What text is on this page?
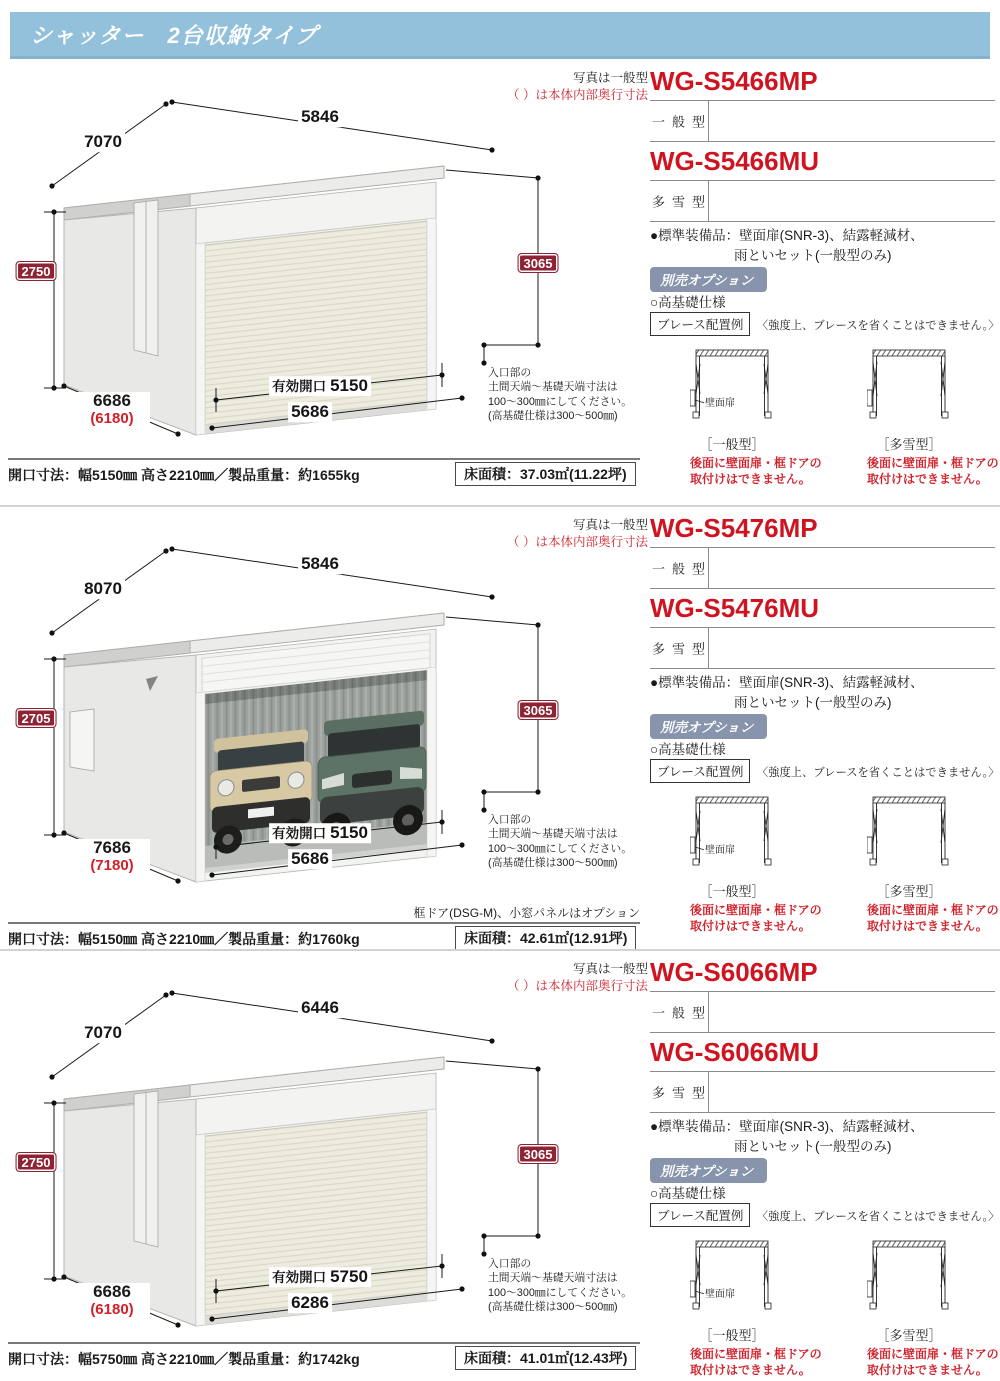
シャッター　2台収納タイプ
写真は一般型
（ ）は本体内部奥行寸法
5846
7070
2750
3065
有効開口 5150
5686
6686
(6180)
入口部の
土間天端～基礎天端寸法は
100～300㎜にしてください。
(高基礎仕様は300～500㎜)
WG-S5466MP
一般型
WG-S5466MU
多雪型
●標準装備品：壁面扉(SNR-3)、結露軽減材、
雨といセット(一般型のみ)
別売オプション
○高基礎仕様
ブレース配置例 〈強度上、ブレースを省くことはできません。〉
壁面扉
［一般型］	［多雪型］
後面に壁面扉・框ドアの
取付けはできません。
後面に壁面扉・框ドアの
取付けはできません。
開口寸法：幅5150㎜ 高さ2210㎜／製品重量：約1655kg	床面積：37.03㎡(11.22坪)
写真は一般型
（ ）は本体内部奥行寸法
5846
8070
2705
3065
有効開口 5150
5686
7686
(7180)
入口部の
土間天端～基礎天端寸法は
100～300㎜にしてください。
(高基礎仕様は300～500㎜)
WG-S5476MP
一般型
WG-S5476MU
多雪型
●標準装備品：壁面扉(SNR-3)、結露軽減材、
雨といセット(一般型のみ)
別売オプション
○高基礎仕様
ブレース配置例 〈強度上、ブレースを省くことはできません。〉
壁面扉
［一般型］	［多雪型］
後面に壁面扉・框ドアの
取付けはできません。
後面に壁面扉・框ドアの
取付けはできません。
框ドア(DSG-M)、小窓パネルはオプション
開口寸法：幅5150㎜ 高さ2210㎜／製品重量：約1760kg	床面積：42.61㎡(12.91坪)
写真は一般型
（ ）は本体内部奥行寸法
6446
7070
2750
3065
有効開口 5750
6286
6686
(6180)
入口部の
土間天端～基礎天端寸法は
100～300㎜にしてください。
(高基礎仕様は300～500㎜)
WG-S6066MP
一般型
WG-S6066MU
多雪型
●標準装備品：壁面扉(SNR-3)、結露軽減材、
雨といセット(一般型のみ)
別売オプション
○高基礎仕様
ブレース配置例 〈強度上、ブレースを省くことはできません。〉
壁面扉
［一般型］	［多雪型］
後面に壁面扉・框ドアの
取付けはできません。
後面に壁面扉・框ドアの
取付けはできません。
開口寸法：幅5750㎜ 高さ2210㎜／製品重量：約1742kg	床面積：41.01㎡(12.43坪)
